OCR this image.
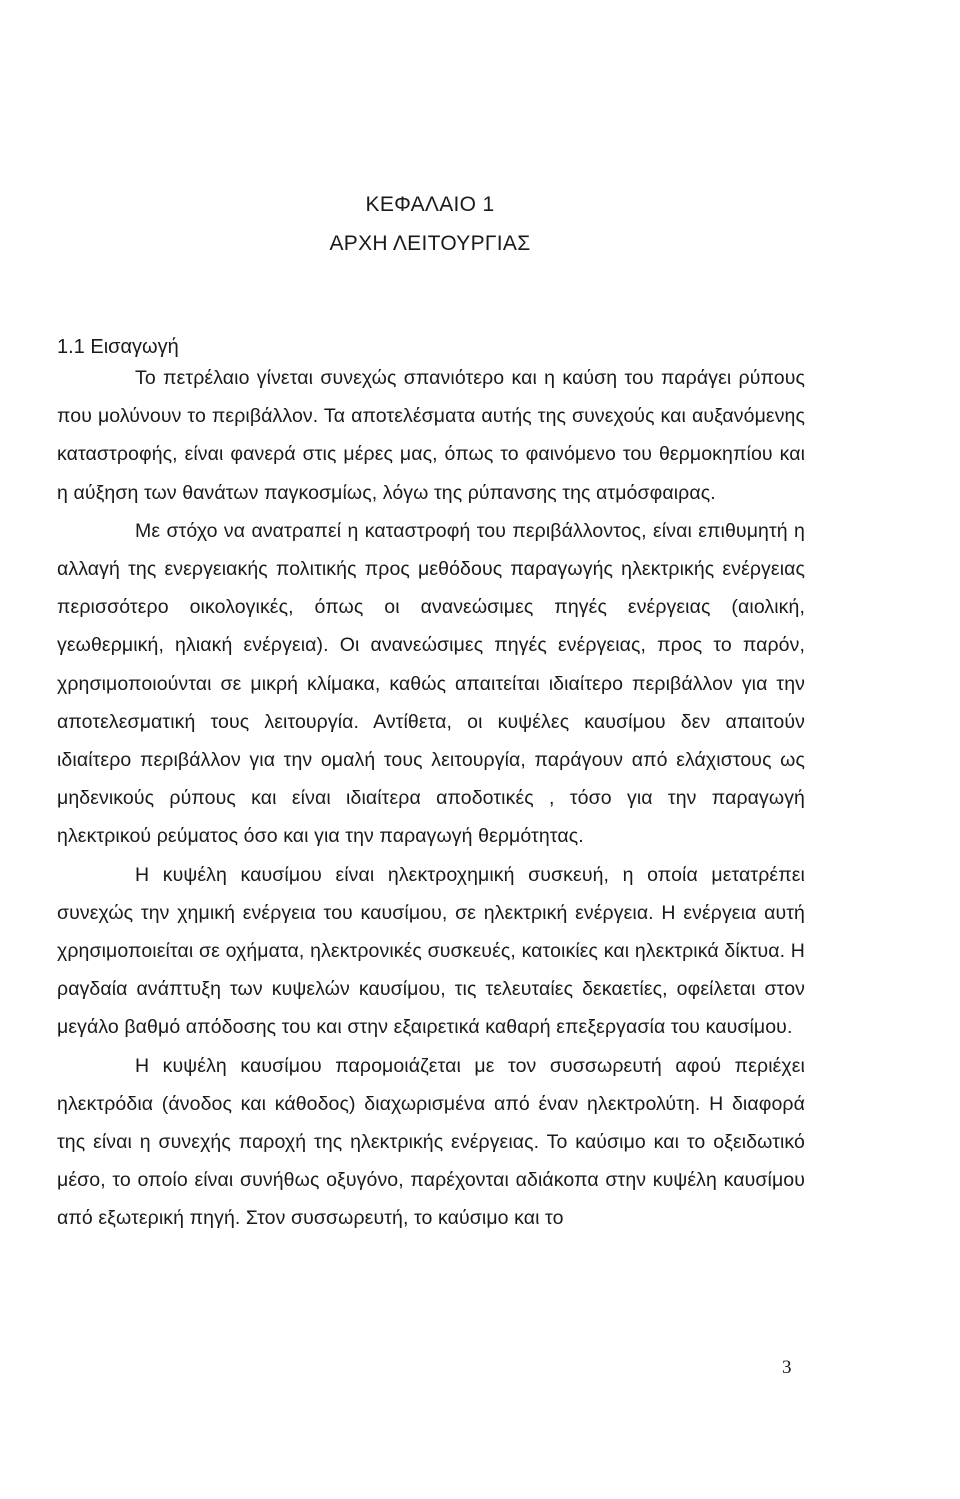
ΚΕΦΑΛΑΙΟ 1
ΑΡΧΗ ΛΕΙΤΟΥΡΓΙΑΣ
1.1 Εισαγωγή

Το πετρέλαιο γίνεται συνεχώς σπανιότερο και η καύση του παράγει ρύπους που μολύνουν το περιβάλλον. Τα αποτελέσματα αυτής της συνεχούς και αυξανόμενης καταστροφής, είναι φανερά στις μέρες μας, όπως το φαινόμενο του θερμοκηπίου και η αύξηση των θανάτων παγκοσμίως, λόγω της ρύπανσης της ατμόσφαιρας.

Με στόχο να ανατραπεί η καταστροφή του περιβάλλοντος, είναι επιθυμητή η αλλαγή της ενεργειακής πολιτικής προς μεθόδους παραγωγής ηλεκτρικής ενέργειας περισσότερο οικολογικές, όπως οι ανανεώσιμες πηγές ενέργειας (αιολική, γεωθερμική, ηλιακή ενέργεια). Οι ανανεώσιμες πηγές ενέργειας, προς το παρόν, χρησιμοποιούνται σε μικρή κλίμακα, καθώς απαιτείται ιδιαίτερο περιβάλλον για την αποτελεσματική τους λειτουργία. Αντίθετα, οι κυψέλες καυσίμου δεν απαιτούν ιδιαίτερο περιβάλλον για την ομαλή τους λειτουργία, παράγουν από ελάχιστους ως μηδενικούς ρύπους και είναι ιδιαίτερα αποδοτικές , τόσο για την παραγωγή ηλεκτρικού ρεύματος όσο και για την παραγωγή θερμότητας.

Η κυψέλη καυσίμου είναι ηλεκτροχημική συσκευή, η οποία μετατρέπει συνεχώς την χημική ενέργεια του καυσίμου, σε ηλεκτρική ενέργεια. Η ενέργεια αυτή χρησιμοποιείται σε οχήματα, ηλεκτρονικές συσκευές, κατοικίες και ηλεκτρικά δίκτυα. Η ραγδαία ανάπτυξη των κυψελών καυσίμου, τις τελευταίες δεκαετίες, οφείλεται στον μεγάλο βαθμό απόδοσης του και στην εξαιρετικά καθαρή επεξεργασία του καυσίμου.

Η κυψέλη καυσίμου παρομοιάζεται με τον συσσωρευτή αφού περιέχει ηλεκτρόδια (άνοδος και κάθοδος) διαχωρισμένα από έναν ηλεκτρολύτη. Η διαφορά της είναι η συνεχής παροχή της ηλεκτρικής ενέργειας. Το καύσιμο και το οξειδωτικό μέσο, το οποίο είναι συνήθως οξυγόνο, παρέχονται αδιάκοπα στην κυψέλη καυσίμου από εξωτερική πηγή. Στον συσσωρευτή, το καύσιμο και το

3
